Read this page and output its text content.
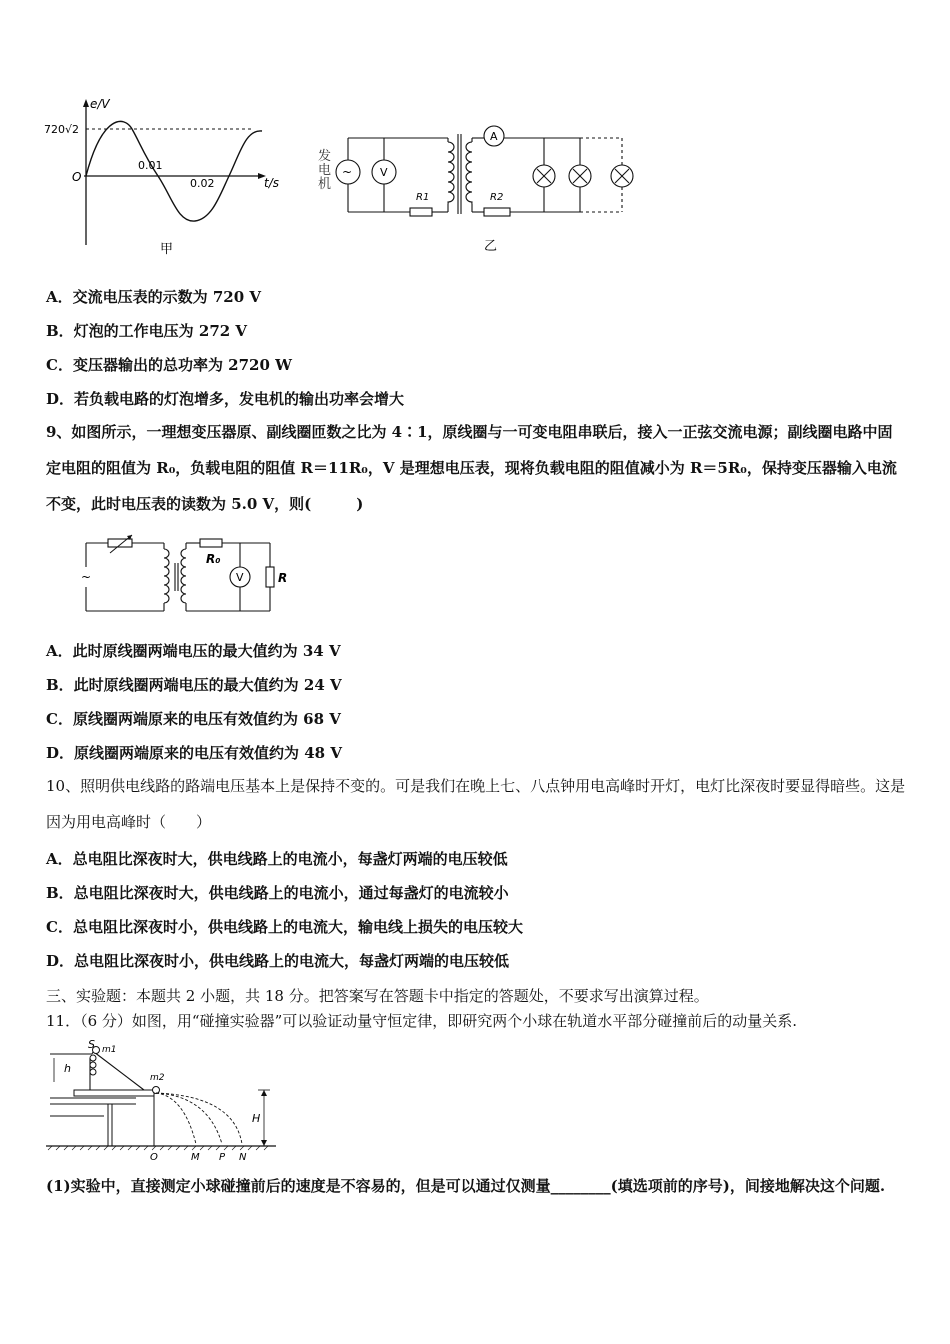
e/V
t/s
O
720√2
0.01
0.02
甲
~	V
R1
A
R2
乙
发
电
机
A．交流电压表的示数为 720 V
B．灯泡的工作电压为 272 V
C．变压器输出的总功率为 2720 W
D．若负载电路的灯泡增多，发电机的输出功率会增大
9、如图所示，一理想变压器原、副线圈匝数之比为 4∶1，原线圈与一可变电阻串联后，接入一正弦交流电源；副线圈电路中固定电阻的阻值为 R₀，负载电阻的阻值 R＝11R₀，V 是理想电压表，现将负载电阻的阻值减小为 R＝5R₀，保持变压器输入电流不变，此时电压表的读数为 5.0 V，则(　　　)
~	V
R₀
R
A．此时原线圈两端电压的最大值约为 34 V
B．此时原线圈两端电压的最大值约为 24 V
C．原线圈两端原来的电压有效值约为 68 V
D．原线圈两端原来的电压有效值约为 48 V
10、照明供电线路的路端电压基本上是保持不变的。可是我们在晚上七、八点钟用电高峰时开灯，电灯比深夜时要显得暗些。这是因为用电高峰时（　　）
A．总电阻比深夜时大，供电线路上的电流小，每盏灯两端的电压较低
B．总电阻比深夜时大，供电线路上的电流小，通过每盏灯的电流较小
C．总电阻比深夜时小，供电线路上的电流大，输电线上损失的电压较大
D．总电阻比深夜时小，供电线路上的电流大，每盏灯两端的电压较低
三、实验题：本题共 2 小题，共 18 分。把答案写在答题卡中指定的答题处，不要求写出演算过程。
11．（6 分）如图，用“碰撞实验器”可以验证动量守恒定律，即研究两个小球在轨道水平部分碰撞前后的动量关系.
S m1
h
m2
H
O	M P N
(1)实验中，直接测定小球碰撞前后的速度是不容易的，但是可以通过仅测量________(填选项前的序号)，间接地解决这个问题.
